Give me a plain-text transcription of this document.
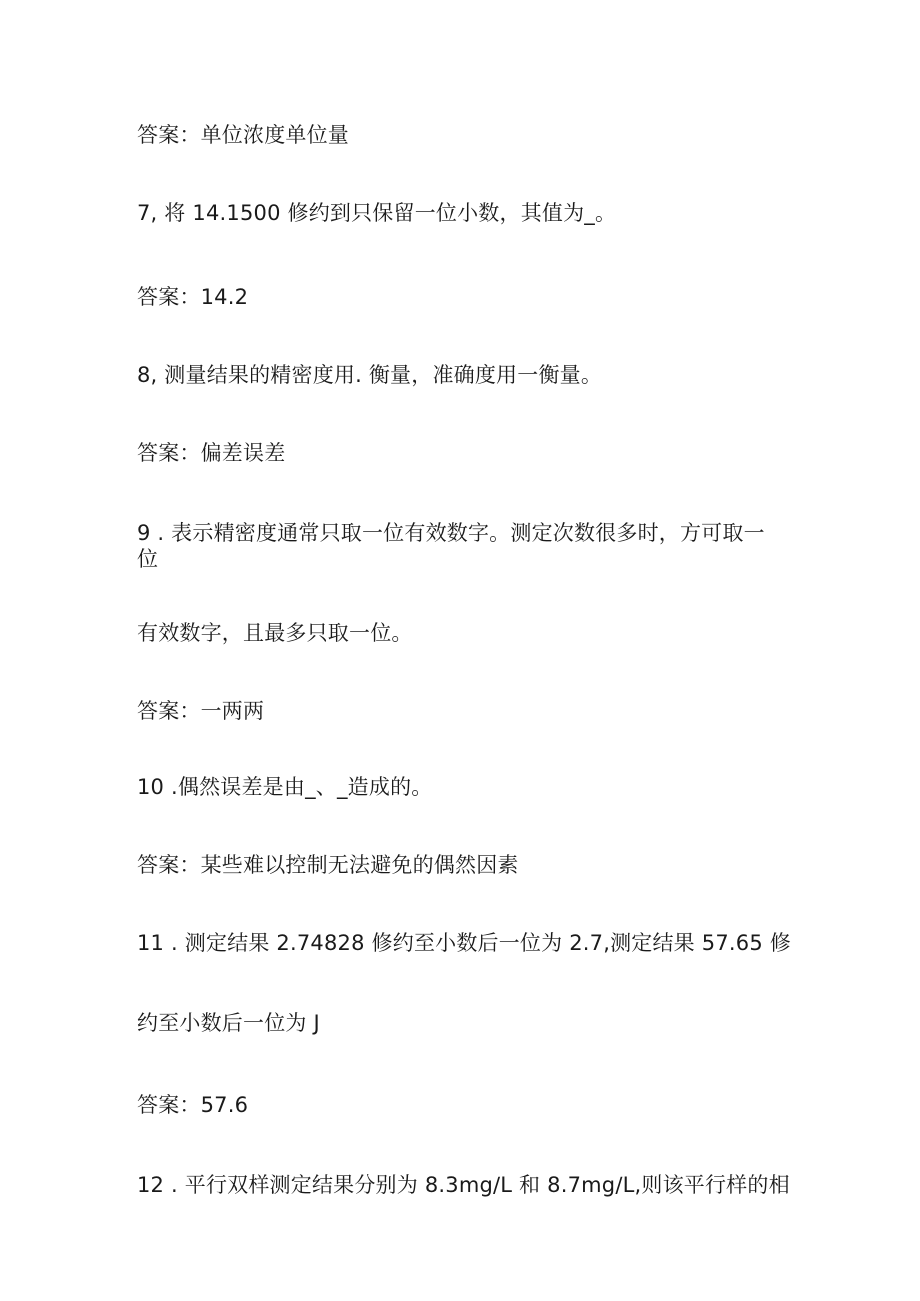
答案：单位浓度单位量
7, 将 14.1500 修约到只保留一位小数，其值为_。
答案：14.2
8, 测量结果的精密度用. 衡量，准确度用一衡量。
答案：偏差误差
9 . 表示精密度通常只取一位有效数字。测定次数很多时，方可取一
位
有效数字，且最多只取一位。
答案：一两两
10 .偶然误差是由_、_造成的。
答案：某些难以控制无法避免的偶然因素
11 . 测定结果 2.74828 修约至小数后一位为 2.7,测定结果 57.65 修
约至小数后一位为 J
答案：57.6
12 . 平行双样测定结果分别为 8.3mg∕L 和 8.7mg∕L,则该平行样的相
